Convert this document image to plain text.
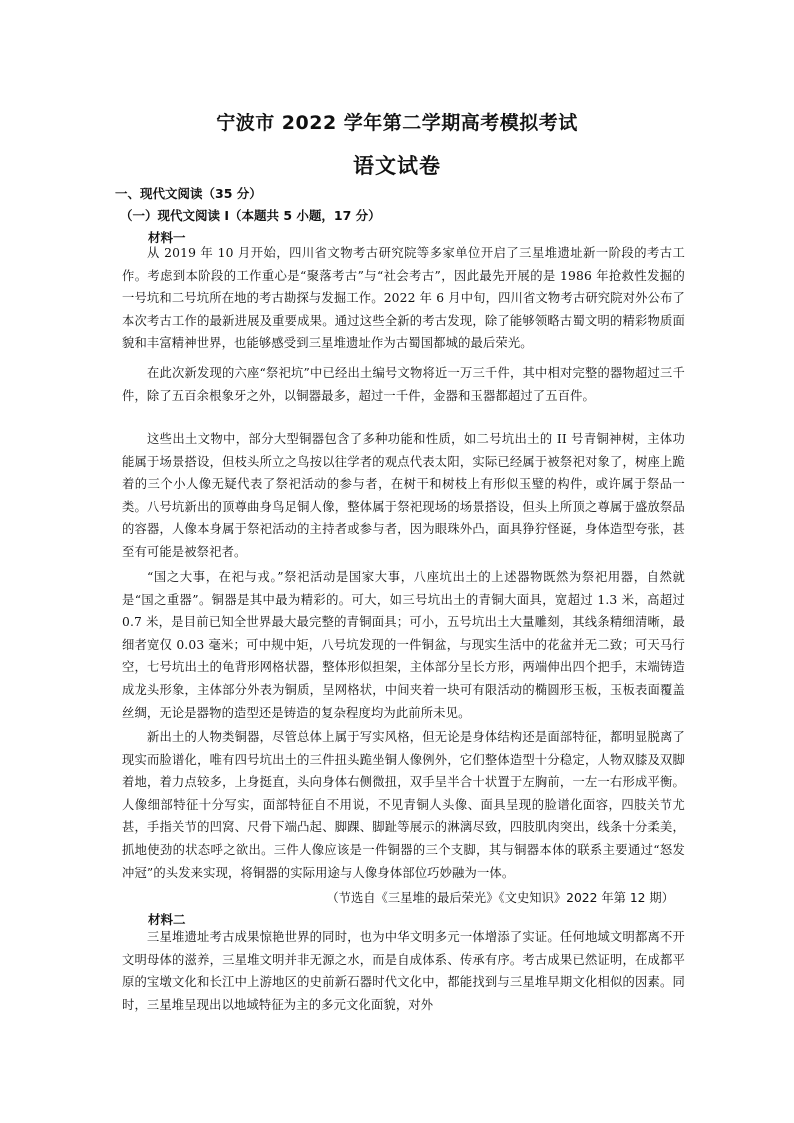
宁波市 2022 学年第二学期高考模拟考试
语文试卷
一、现代文阅读（35 分）
（一）现代文阅读 I（本题共 5 小题，17 分）
材料一

从 2019 年 10 月开始，四川省文物考古研究院等多家单位开启了三星堆遗址新一阶段的考古工作。考虑到本阶段的工作重心是“聚落考古”与“社会考古”，因此最先开展的是 1986 年抢救性发掘的一号坑和二号坑所在地的考古勘探与发掘工作。2022 年 6 月中旬，四川省文物考古研究院对外公布了本次考古工作的最新进展及重要成果。通过这些全新的考古发现，除了能够领略古蜀文明的精彩物质面貌和丰富精神世界，也能够感受到三星堆遗址作为古蜀国都城的最后荣光。

在此次新发现的六座“祭祀坑”中已经出土编号文物将近一万三千件，其中相对完整的器物超过三千件，除了五百余根象牙之外，以铜器最多，超过一千件，金器和玉器都超过了五百件。

这些出土文物中，部分大型铜器包含了多种功能和性质，如二号坑出土的 II 号青铜神树，主体功能属于场景搭设，但枝头所立之鸟按以往学者的观点代表太阳，实际已经属于被祭祀对象了，树座上跪着的三个小人像无疑代表了祭祀活动的参与者，在树干和树枝上有形似玉璧的构件，或许属于祭品一类。八号坑新出的顶尊曲身鸟足铜人像，整体属于祭祀现场的场景搭设，但头上所顶之尊属于盛放祭品的容器，人像本身属于祭祀活动的主持者或参与者，因为眼珠外凸，面具狰狞怪诞，身体造型夸张，甚至有可能是被祭祀者。

“国之大事，在祀与戎。”祭祀活动是国家大事，八座坑出土的上述器物既然为祭祀用器，自然就是“国之重器”。铜器是其中最为精彩的。可大，如三号坑出土的青铜大面具，宽超过 1.3 米，高超过 0.7 米，是目前已知全世界最大最完整的青铜面具；可小，五号坑出土大量雕刻，其线条精细清晰，最细者宽仅 0.03 毫米；可中规中矩，八号坑发现的一件铜盆，与现实生活中的花盆并无二致；可天马行空，七号坑出土的龟背形网格状器，整体形似担架，主体部分呈长方形，两端伸出四个把手，末端铸造成龙头形象，主体部分外表为铜质，呈网格状，中间夹着一块可有限活动的椭圆形玉板，玉板表面覆盖丝绸，无论是器物的造型还是铸造的复杂程度均为此前所未见。

新出土的人物类铜器，尽管总体上属于写实风格，但无论是身体结构还是面部特征，都明显脱离了现实而脸谱化，唯有四号坑出土的三件扭头跪坐铜人像例外，它们整体造型十分稳定，人物双膝及双脚着地，着力点较多，上身挺直，头向身体右侧微扭，双手呈半合十状置于左胸前，一左一右形成平衡。人像细部特征十分写实，面部特征自不用说，不见青铜人头像、面具呈现的脸谱化面容，四肢关节尤甚，手指关节的凹窝、尺骨下端凸起、脚踝、脚趾等展示的淋漓尽致，四肢肌肉突出，线条十分柔美，抓地使劲的状态呼之欲出。三件人像应该是一件铜器的三个支脚，其与铜器本体的联系主要通过“怒发冲冠”的头发来实现，将铜器的实际用途与人像身体部位巧妙融为一体。

（节选自《三星堆的最后荣光》《文史知识》2022 年第 12 期）
材料二

三星堆遗址考古成果惊艳世界的同时，也为中华文明多元一体增添了实证。任何地域文明都离不开文明母体的滋养，三星堆文明并非无源之水，而是自成体系、传承有序。考古成果已然证明，在成都平原的宝墩文化和长江中上游地区的史前新石器时代文化中，都能找到与三星堆早期文化相似的因素。同时，三星堆呈现出以地域特征为主的多元文化面貌，对外
